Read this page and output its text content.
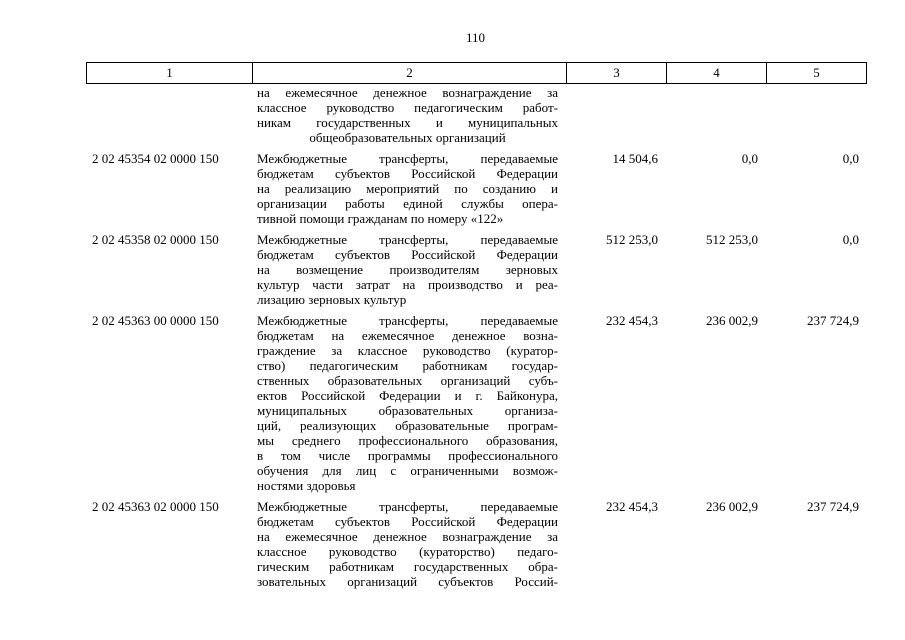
110
1	2	3	4	5
на ежемесячное денежное вознаграждение за
классное руководство педагогическим работ-
никам государственных и муниципальных
общеобразовательных организаций
2 02 45354 02 0000 150	Межбюджетные трансферты, передаваемые
бюджетам субъектов Российской Федерации
на реализацию мероприятий по созданию и
организации работы единой службы опера-
тивной помощи гражданам по номеру «122»
14 504,6	0,0	0,0
2 02 45358 02 0000 150	Межбюджетные трансферты, передаваемые
бюджетам субъектов Российской Федерации
на возмещение производителям зерновых
культур части затрат на производство и реа-
лизацию зерновых культур
512 253,0	512 253,0	0,0
2 02 45363 00 0000 150	Межбюджетные трансферты, передаваемые
бюджетам на ежемесячное денежное возна-
граждение за классное руководство (куратор-
ство) педагогическим работникам государ-
ственных образовательных организаций субъ-
ектов Российской Федерации и г. Байконура,
муниципальных образовательных организа-
ций, реализующих образовательные програм-
мы среднего профессионального образования,
в том числе программы профессионального
обучения для лиц с ограниченными возмож-
ностями здоровья
232 454,3	236 002,9	237 724,9
2 02 45363 02 0000 150	Межбюджетные трансферты, передаваемые
бюджетам субъектов Российской Федерации
на ежемесячное денежное вознаграждение за
классное руководство (кураторство) педаго-
гическим работникам государственных обра-
зовательных организаций субъектов Россий-
232 454,3	236 002,9	237 724,9
